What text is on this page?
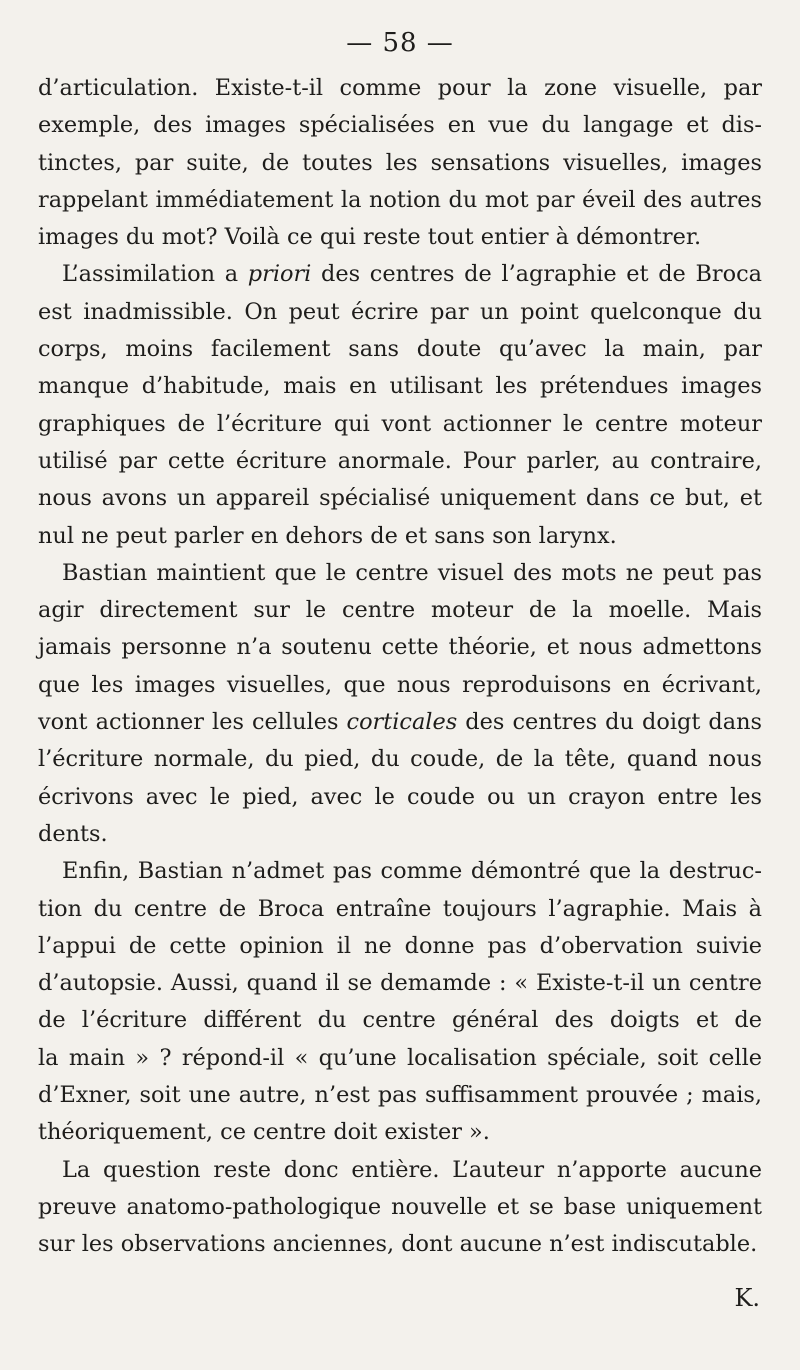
— 58 —

d’articulation. Existe-t-il comme pour la zone visuelle, par
exemple, des images spécialisées en vue du langage et dis-
tinctes, par suite, de toutes les sensations visuelles, images
rappelant immédiatement la notion du mot par éveil des autres
images du mot? Voilà ce qui reste tout entier à démontrer.

L’assimilation a priori des centres de l’agraphie et de Broca
est inadmissible. On peut écrire par un point quelconque du
corps, moins facilement sans doute qu’avec la main, par
manque d’habitude, mais en utilisant les prétendues images
graphiques de l’écriture qui vont actionner le centre moteur
utilisé par cette écriture anormale. Pour parler, au contraire,
nous avons un appareil spécialisé uniquement dans ce but, et
nul ne peut parler en dehors de et sans son larynx.

Bastian maintient que le centre visuel des mots ne peut pas
agir directement sur le centre moteur de la moelle. Mais
jamais personne n’a soutenu cette théorie, et nous admettons
que les images visuelles, que nous reproduisons en écrivant,
vont actionner les cellules corticales des centres du doigt dans
l’écriture normale, du pied, du coude, de la tête, quand nous
écrivons avec le pied, avec le coude ou un crayon entre les
dents.

Enfin, Bastian n’admet pas comme démontré que la destruc-
tion du centre de Broca entraîne toujours l’agraphie. Mais à
l’appui de cette opinion il ne donne pas d’obervation suivie
d’autopsie. Aussi, quand il se demamde : « Existe-t-il un centre
de l’écriture différent du centre général des doigts et de
la main » ? répond-il « qu’une localisation spéciale, soit celle
d’Exner, soit une autre, n’est pas suffisamment prouvée ; mais,
théoriquement, ce centre doit exister ».

La question reste donc entière. L’auteur n’apporte aucune
preuve anatomo-pathologique nouvelle et se base uniquement
sur les observations anciennes, dont aucune n’est indiscutable.

K.
